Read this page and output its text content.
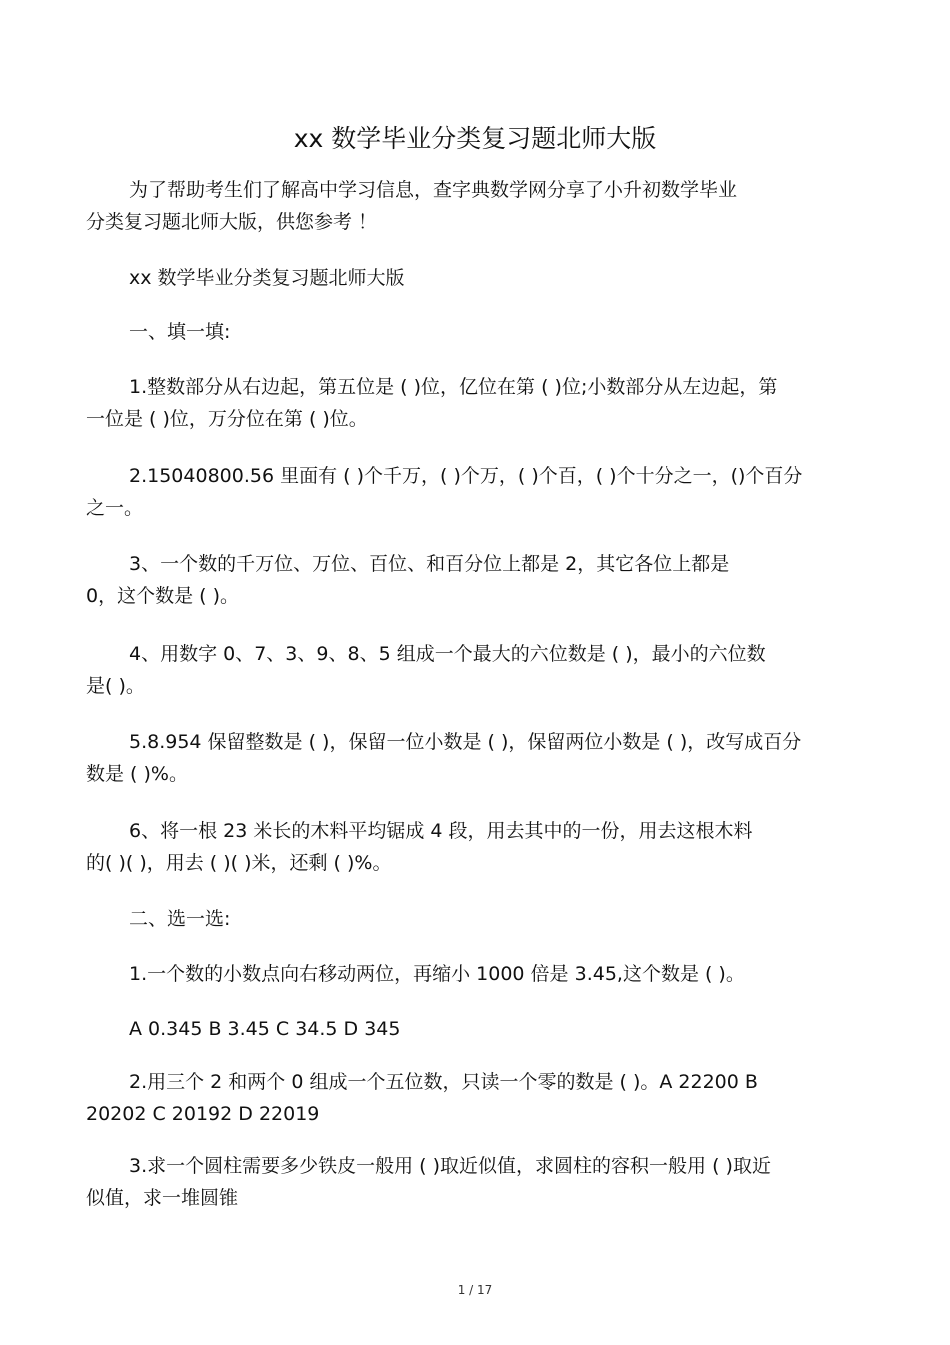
xx 数学毕业分类复习题北师大版
为了帮助考生们了解高中学习信息，查字典数学网分享了小升初数学毕业
分类复习题北师大版，供您参考 ！
xx 数学毕业分类复习题北师大版
一、填一填:
1.整数部分从右边起，第五位是 ( )位，亿位在第 ( )位;小数部分从左边起，第
一位是 ( )位，万分位在第 ( )位。
2.15040800.56 里面有 ( )个千万，( )个万，( )个百，( )个十分之一，()个百分
之一。
3、一个数的千万位、万位、百位、和百分位上都是 2，其它各位上都是
0，这个数是 ( )。
4、用数字 0、7、3、9、8、5 组成一个最大的六位数是 ( )，最小的六位数
是( )。
5.8.954 保留整数是 ( )，保留一位小数是 ( )，保留两位小数是 ( )，改写成百分
数是 ( )%。
6、将一根 23 米长的木料平均锯成 4 段，用去其中的一份，用去这根木料
的( )( )，用去 ( )( )米，还剩 ( )%。
二、选一选:
1.一个数的小数点向右移动两位，再缩小 1000 倍是 3.45,这个数是 ( )。
A 0.345 B 3.45 C 34.5 D 345
2.用三个 2 和两个 0 组成一个五位数，只读一个零的数是 ( )。A 22200 B
20202 C 20192 D 22019
3.求一个圆柱需要多少铁皮一般用 ( )取近似值，求圆柱的容积一般用 ( )取近
似值，求一堆圆锥
1 / 17
